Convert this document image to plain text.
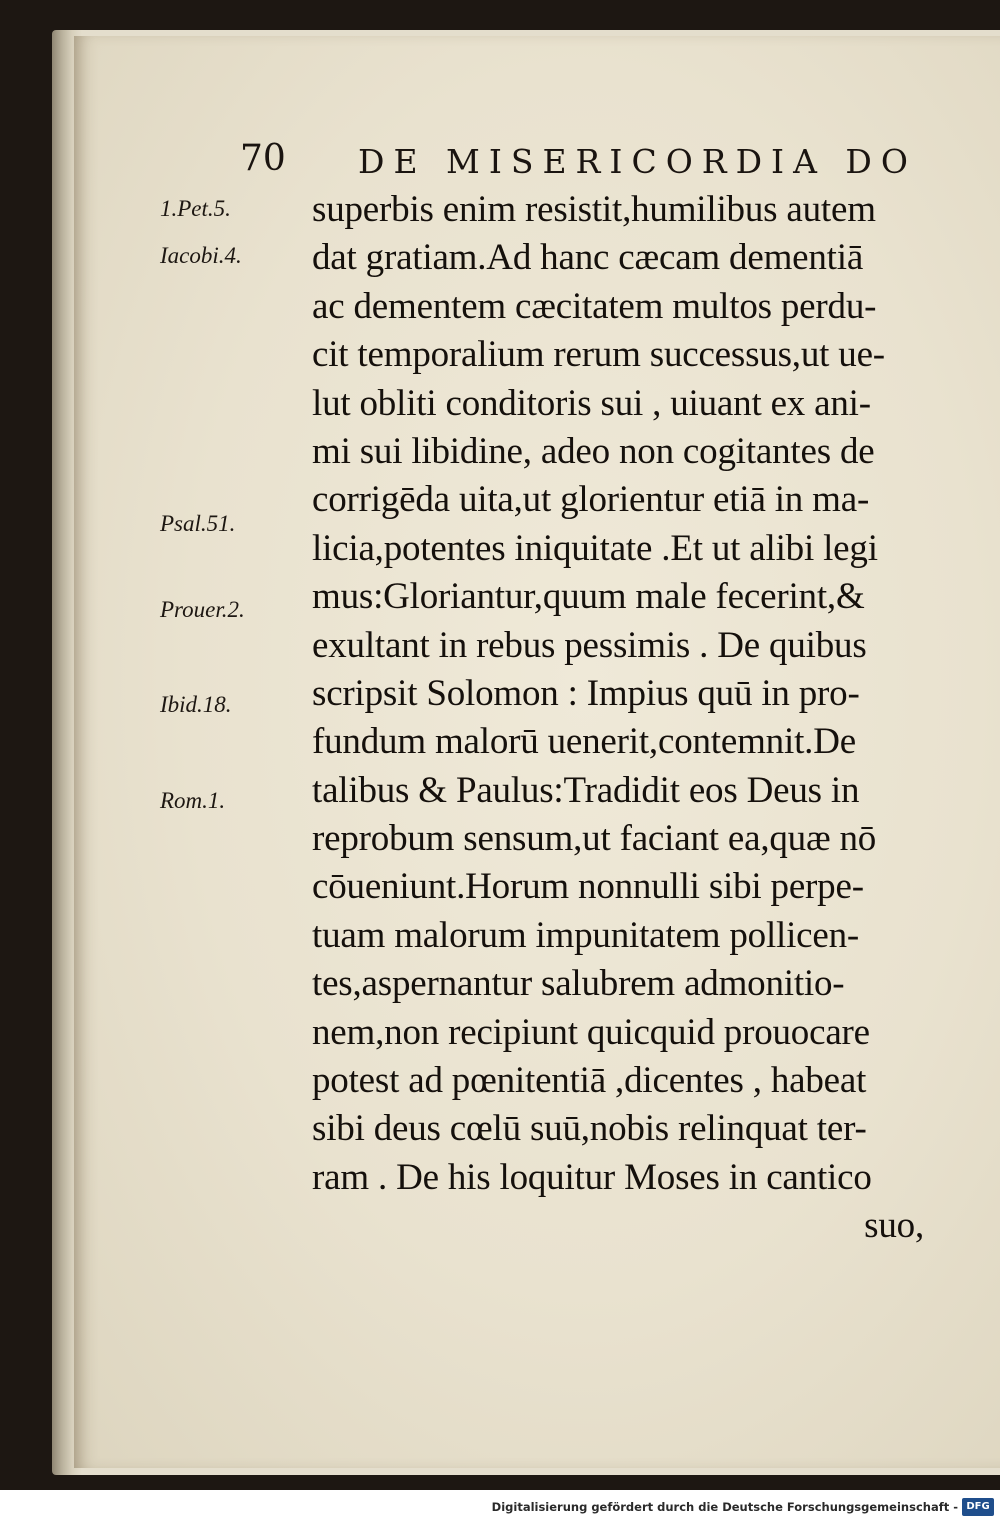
70 DE MISERICORDIA DO
1.Pet.5.
Iacobi.4.
Psal.51.
Prouer.2.
Ibid.18.
Rom.1.
superbis enim resistit,humilibus autem
dat gratiam.Ad hanc cæcam dementiā
ac dementem cæcitatem multos perdu-
cit temporalium rerum successus,ut ue-
lut obliti conditoris sui , uiuant ex ani-
mi sui libidine, adeo non cogitantes de
corrigēda uita,ut glorientur etiā in ma-
licia,potentes iniquitate .Et ut alibi legi
mus:Gloriantur,quum male fecerint,&
exultant in rebus pessimis . De quibus
scripsit Solomon : Impius quū in pro-
fundum malorū uenerit,contemnit.De
talibus & Paulus:Tradidit eos Deus in
reprobum sensum,ut faciant ea,quæ nō
cōueniunt.Horum nonnulli sibi perpe-
tuam malorum impunitatem pollicen-
tes,aspernantur salubrem admonitio-
nem,non recipiunt quicquid prouocare
potest ad pœnitentiā ,dicentes , habeat
sibi deus cœlū suū,nobis relinquat ter-
ram . De his loquitur Moses in cantico
suo,
Digitalisierung gefördert durch die Deutsche Forschungsgemeinschaft - DFG
